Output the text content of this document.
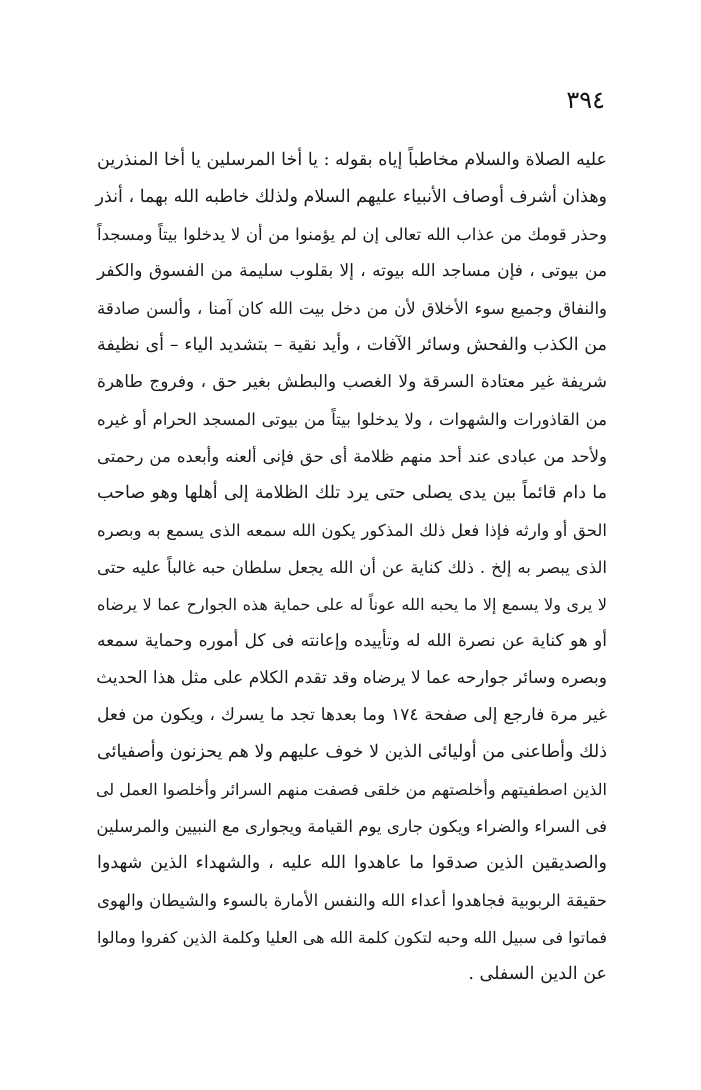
٣٩٤
عليه الصلاة والسلام مخاطباً إياه بقوله : يا أخا المرسلين يا أخا المنذرين
وهذان أشرف أوصاف الأنبياء عليهم السلام ولذلك خاطبه الله بهما ، أنذر
وحذر قومك من عذاب الله تعالى إن لم يؤمنوا من أن لا يدخلوا بيتاً ومسجداً
من بيوتى ، فإن مساجد الله بيوته ، إلا بقلوب سليمة من الفسوق والكفر
والنفاق وجميع سوء الأخلاق لأن من دخل بيت الله كان آمنا ، وألسن صادقة
من الكذب والفحش وسائر الآفات ، وأيد نقية – بتشديد الياء – أى نظيفة
شريفة غير معتادة السرقة ولا الغصب والبطش بغير حق ، وفروج طاهرة
من القاذورات والشهوات ، ولا يدخلوا بيتاً من بيوتى المسجد الحرام أو غيره
ولأحد من عبادى عند أحد منهم ظلامة أى حق فإنى ألعنه وأبعده من رحمتى
ما دام قائماً بين يدى يصلى حتى يرد تلك الظلامة إلى أهلها وهو صاحب
الحق أو وارثه فإذا فعل ذلك المذكور يكون الله سمعه الذى يسمع به وبصره
الذى يبصر به إلخ . ذلك كناية عن أن الله يجعل سلطان حبه غالباً عليه حتى
لا يرى ولا يسمع إلا ما يحبه الله عوناً له على حماية هذه الجوارح عما لا يرضاه
أو هو كناية عن نصرة الله له وتأييده وإعانته فى كل أموره وحماية سمعه
وبصره وسائر جوارحه عما لا يرضاه وقد تقدم الكلام على مثل هذا الحديث
غير مرة فارجع إلى صفحة ١٧٤ وما بعدها تجد ما يسرك ، ويكون من فعل
ذلك وأطاعنى من أوليائى الذين لا خوف عليهم ولا هم يحزنون وأصفيائى
الذين اصطفيتهم وأخلصتهم من خلقى فصفت منهم السرائر وأخلصوا العمل لى
فى السراء والضراء ويكون جارى يوم القيامة ويجوارى مع النبيين والمرسلين
والصديقين الذين صدقوا ما عاهدوا الله عليه ، والشهداء الذين شهدوا
حقيقة الربوبية فجاهدوا أعداء الله والنفس الأمارة بالسوء والشيطان والهوى
فماتوا فى سبيل الله وحبه لتكون كلمة الله هى العليا وكلمة الذين كفروا ومالوا
عن الدين السفلى .
